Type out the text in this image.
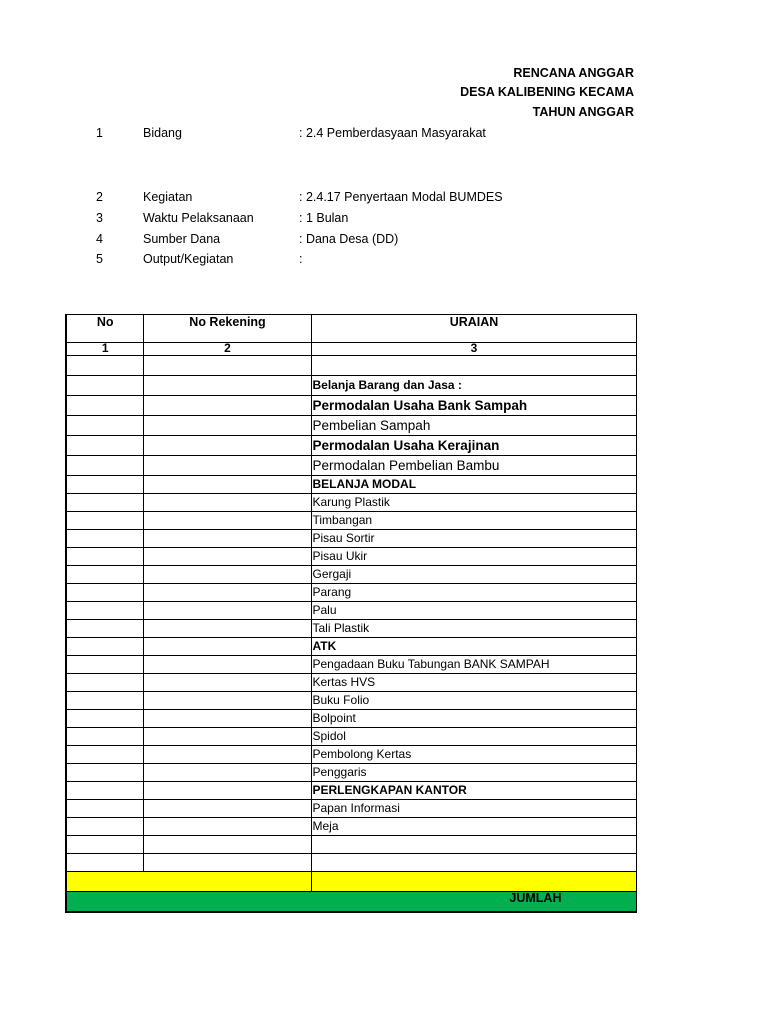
RENCANA ANGGAR
DESA KALIBENING KECAMA
TAHUN ANGGAR
1	Bidang	: 2.4 Pemberdasyaan Masyarakat
2	Kegiatan	: 2.4.17 Penyertaan Modal BUMDES
3	Waktu Pelaksanaan	: 1 Bulan
4	Sumber Dana	: Dana Desa (DD)
5	Output/Kegiatan	:
No	No Rekening	URAIAN
1	2	3

		Belanja Barang dan Jasa :
		Permodalan Usaha Bank Sampah
		Pembelian Sampah
		Permodalan Usaha Kerajinan
		Permodalan Pembelian Bambu
		BELANJA MODAL
		Karung Plastik
		Timbangan
		Pisau Sortir
		Pisau Ukir
		Gergaji
		Parang
		Palu
		Tali Plastik
		ATK
		Pengadaan Buku Tabungan BANK SAMPAH
		Kertas HVS
		Buku Folio
		Bolpoint
		Spidol
		Pembolong Kertas
		Penggaris
		PERLENGKAPAN KANTOR
		Papan Informasi
		Meja

JUMLAH		
